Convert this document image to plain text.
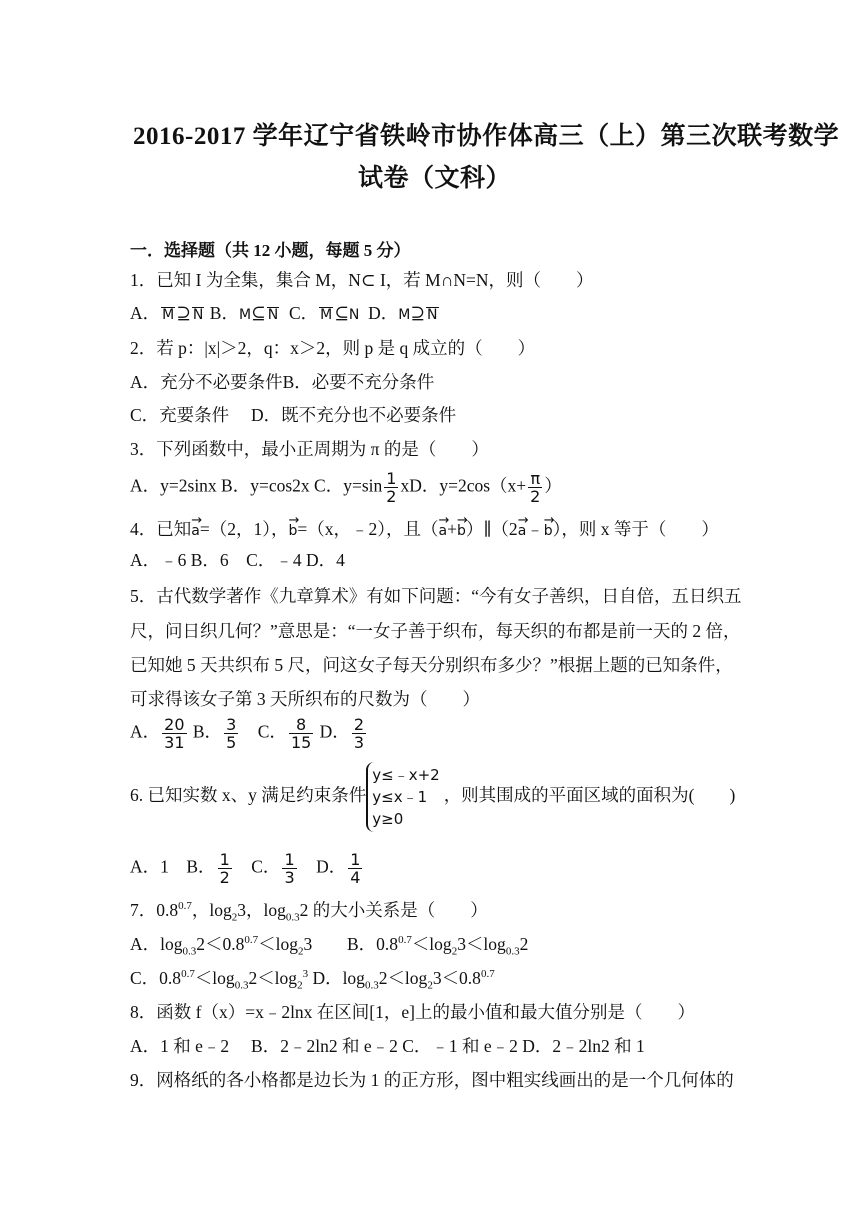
2016-2017 学年辽宁省铁岭市协作体高三（上）第三次联考数学
试卷（文科）
一．选择题（共 12 小题，每题 5 分）
1．已知 I 为全集，集合 M，N⊂ I，若 M∩N=N，则（　　）
A． M ⊇ N B．M⊆ N C． M ⊆N D．M⊇ N
2．若 p：|x|＞2，q：x＞2，则 p 是 q 成立的（　　）
A．充分不必要条件B．必要不充分条件
C．充要条件　 D．既不充分也不必要条件
3．下列函数中，最小正周期为 π 的是（　　）
A．y=2sinx B．y=cos2x C．$y=\sin \frac{1}{2}$ xD．$y=2\cos(x+ \frac{\pi}{2}$ ）
4．已知→ a=（2，1），→ b=（x，﹣2），且（→ a+→ b）∥（2→ a﹣→ b），则 x 等于（　　）
A．﹣6 B．6　C．﹣4 D．4
5．古代数学著作《九章算术》有如下问题：“今有女子善织，日自倍，五日织五
尺，问日织几何？”意思是：“一女子善于织布，每天织的布都是前一天的 2 倍，
已知她 5 天共织布 5 尺，问这女子每天分别织布多少？”根据上题的已知条件，
可求得该女子第 3 天所织布的尺数为（　　）
A． $\frac{20}{31}$ B． $\frac{3}{5}$ 　C． $\frac{8}{15}$ D． $\frac{2}{3}$
6. 已知实数 x、y 满足约束条件
y≤﹣x+2
y≤x﹣1
y≥0
，则其围成的平面区域的面积为(　　)
A．1　B． $\frac{1}{2}$ 　C． $\frac{1}{3}$ 　D． $\frac{1}{4}$
7．$0.8^{0.7}$，$\log_23$，$\log_{0.3}2$ 的大小关系是（　　）
A．$\log_{0.3}2<0.8^{0.7}<\log_23$ B．$0.8^{0.7}<\log_23<\log_{0.3}2$
C．$0.8^{0.7}<\log_{0.3}2<\log_2^3$ D．$\log_{0.3}2<\log_23<0.8^{0.7}$
8．函数 f（x）=x﹣2lnx 在区间[1，e]上的最小值和最大值分别是（　　）
A．1 和 e﹣2　 B．2﹣2ln2 和 e﹣2 C．﹣1 和 e﹣2 D．2﹣2ln2 和 1
9．网格纸的各小格都是边长为 1 的正方形，图中粗实线画出的是一个几何体的
